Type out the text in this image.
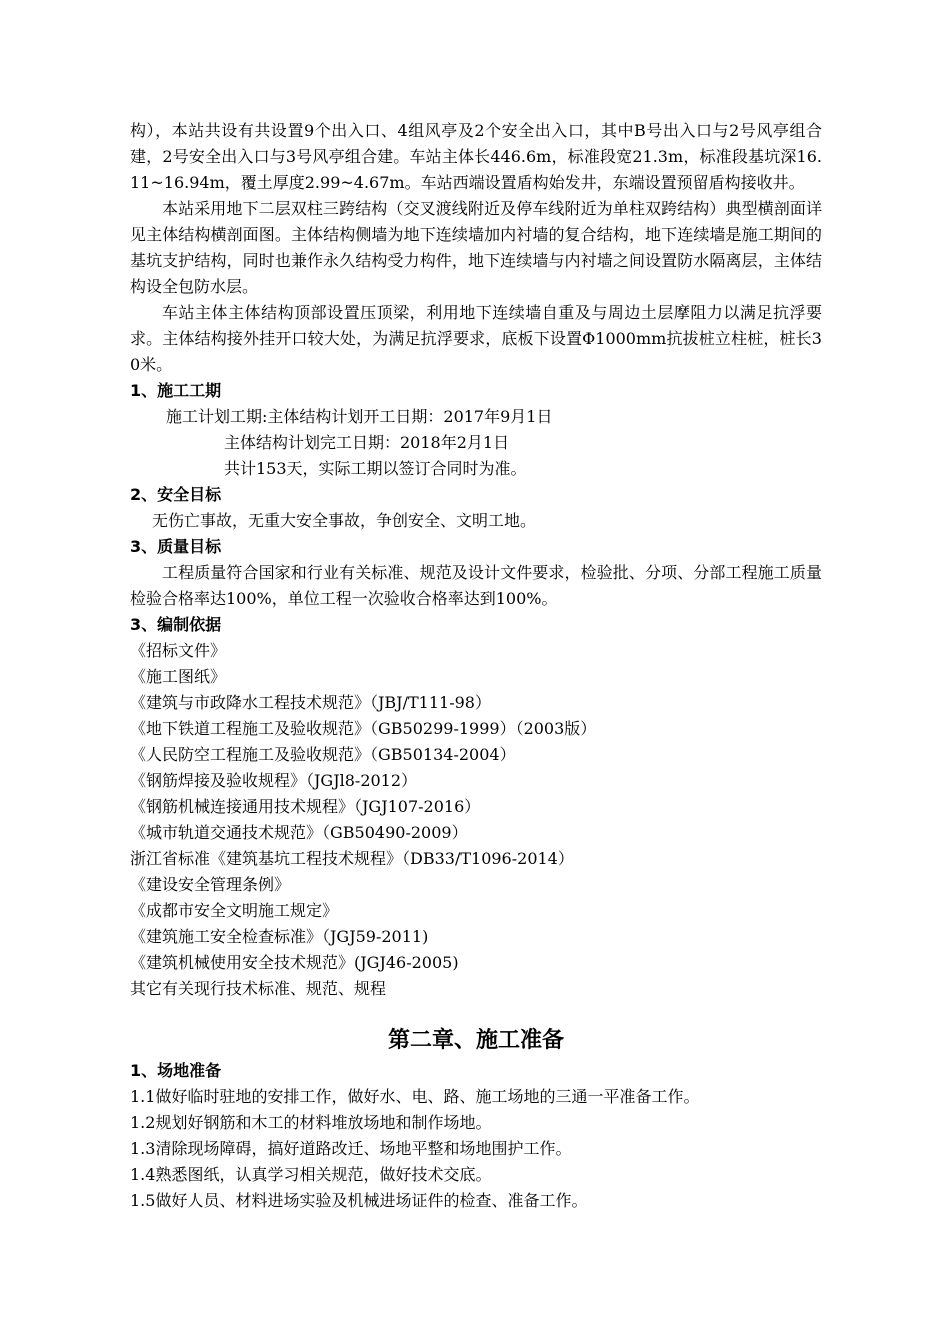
构），本站共设有共设置9个出入口、4组风亭及2个安全出入口，其中B号出入口与2号风亭组合建，2号安全出入口与3号风亭组合建。车站主体长446.6m，标准段宽21.3m，标准段基坑深16.11~16.94m，覆土厚度2.99~4.67m。车站西端设置盾构始发井，东端设置预留盾构接收井。

本站采用地下二层双柱三跨结构（交叉渡线附近及停车线附近为单柱双跨结构）典型横剖面详见主体结构横剖面图。主体结构侧墙为地下连续墙加内衬墙的复合结构，地下连续墙是施工期间的基坑支护结构，同时也兼作永久结构受力构件，地下连续墙与内衬墙之间设置防水隔离层，主体结构设全包防水层。

车站主体主体结构顶部设置压顶梁，利用地下连续墙自重及与周边土层摩阻力以满足抗浮要求。主体结构接外挂开口较大处，为满足抗浮要求，底板下设置Φ1000mm抗拔桩立柱桩，桩长30米。

1、施工工期

施工计划工期:主体结构计划开工日期：2017年9月1日

主体结构计划完工日期：2018年2月1日

共计153天，实际工期以签订合同时为准。

2、安全目标

无伤亡事故，无重大安全事故，争创安全、文明工地。

3、质量目标

工程质量符合国家和行业有关标准、规范及设计文件要求，检验批、分项、分部工程施工质量检验合格率达100%，单位工程一次验收合格率达到100%。

3、编制依据

《招标文件》

《施工图纸》

《建筑与市政降水工程技术规范》（JBJ/T111-98）

《地下铁道工程施工及验收规范》（GB50299-1999）（2003版）

《人民防空工程施工及验收规范》（GB50134-2004）

《钢筋焊接及验收规程》（JGJl8-2012）

《钢筋机械连接通用技术规程》（JGJ107-2016）

《城市轨道交通技术规范》（GB50490-2009）

浙江省标准《建筑基坑工程技术规程》（DB33/T1096-2014）

《建设安全管理条例》

《成都市安全文明施工规定》

《建筑施工安全检查标准》（JGJ59-2011)

《建筑机械使用安全技术规范》(JGJ46-2005)

其它有关现行技术标准、规范、规程

第二章、施工准备

1、场地准备

1.1做好临时驻地的安排工作，做好水、电、路、施工场地的三通一平准备工作。

1.2规划好钢筋和木工的材料堆放场地和制作场地。

1.3清除现场障碍，搞好道路改迁、场地平整和场地围护工作。

1.4熟悉图纸，认真学习相关规范，做好技术交底。

1.5做好人员、材料进场实验及机械进场证件的检查、准备工作。
